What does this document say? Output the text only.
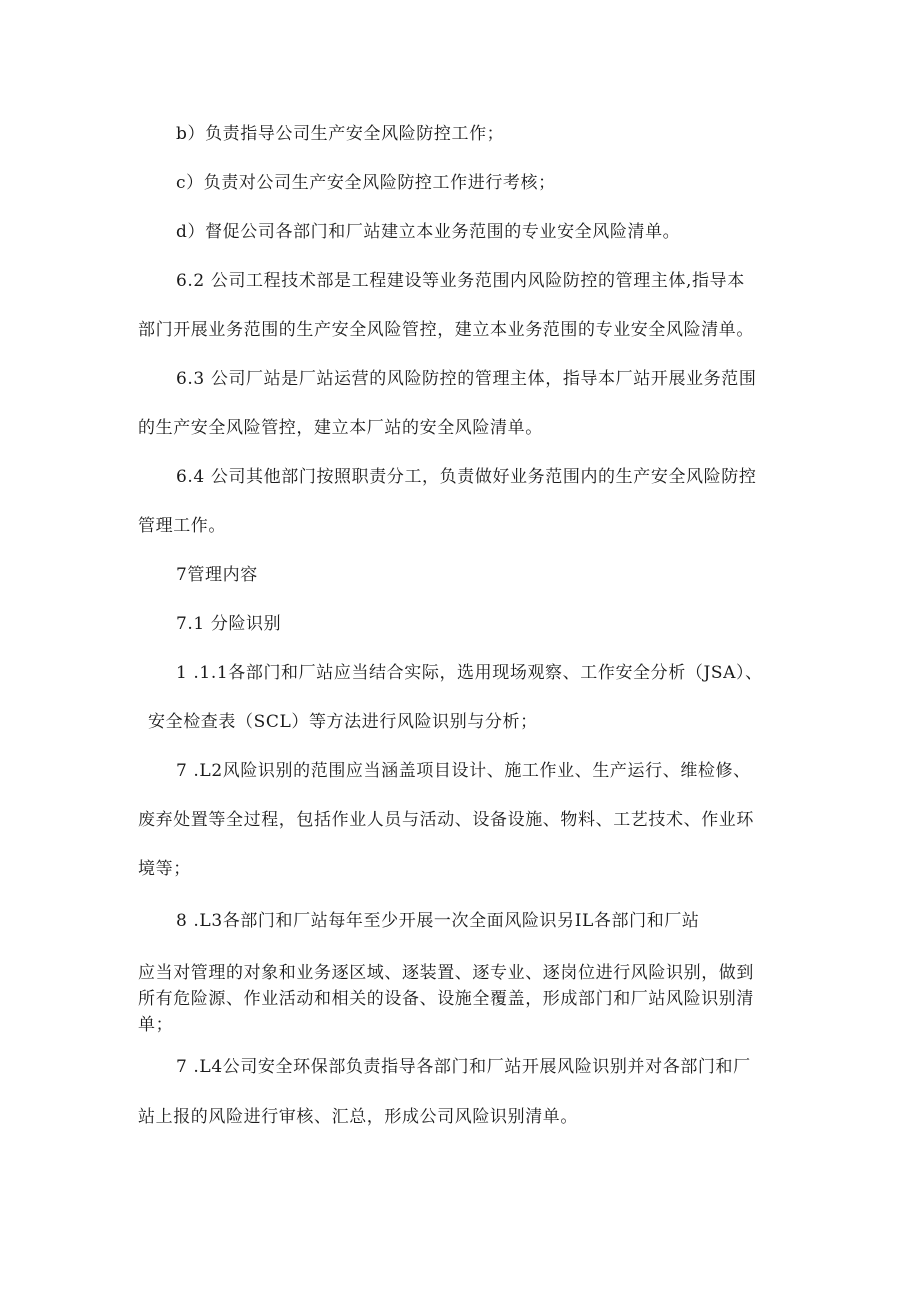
b）负责指导公司生产安全风险防控工作；
c）负责对公司生产安全风险防控工作进行考核；
d）督促公司各部门和厂站建立本业务范围的专业安全风险清单。
6.2 公司工程技术部是工程建设等业务范围内风险防控的管理主体,指导本
部门开展业务范围的生产安全风险管控，建立本业务范围的专业安全风险清单。
6.3 公司厂站是厂站运营的风险防控的管理主体，指导本厂站开展业务范围
的生产安全风险管控，建立本厂站的安全风险清单。
6.4 公司其他部门按照职责分工，负责做好业务范围内的生产安全风险防控
管理工作。
7管理内容
7.1 分险识别
1 .1.1各部门和厂站应当结合实际，选用现场观察、工作安全分析（JSA）、
安全检查表（SCL）等方法进行风险识别与分析；
7 .L2风险识别的范围应当涵盖项目设计、施工作业、生产运行、维检修、
废弃处置等全过程，包括作业人员与活动、设备设施、物料、工艺技术、作业环
境等；
8 .L3各部门和厂站每年至少开展一次全面风险识另IL各部门和厂站
应当对管理的对象和业务逐区域、逐装置、逐专业、逐岗位进行风险识别，做到
所有危险源、作业活动和相关的设备、设施全覆盖，形成部门和厂站风险识别清
单；
7 .L4公司安全环保部负责指导各部门和厂站开展风险识别并对各部门和厂
站上报的风险进行审核、汇总，形成公司风险识别清单。
